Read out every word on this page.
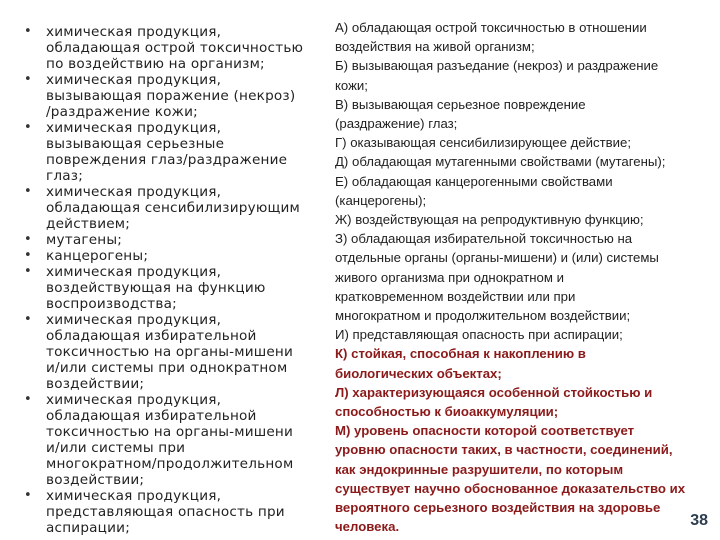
•	химическая продукция,
обладающая острой токсичностью
по воздействию на организм;
•	химическая продукция,
вызывающая поражение (некроз)
/раздражение кожи;
•	химическая продукция,
вызывающая серьезные
повреждения глаз/раздражение
глаз;
•	химическая продукция,
обладающая сенсибилизирующим
действием;
•	мутагены;
•	канцерогены;
•	химическая продукция,
воздействующая на функцию
воспроизводства;
•	химическая продукция,
обладающая избирательной
токсичностью на органы-мишени
и/или системы при однократном
воздействии;
•	химическая продукция,
обладающая избирательной
токсичностью на органы-мишени
и/или системы при
многократном/продолжительном
воздействии;
•	химическая продукция,
представляющая опасность при
аспирации;
А) обладающая острой токсичностью в отношении
воздействия на живой организм;
Б) вызывающая разъедание (некроз) и раздражение
кожи;
В) вызывающая серьезное повреждение
(раздражение) глаз;
Г) оказывающая сенсибилизирующее действие;
Д) обладающая мутагенными свойствами (мутагены);
Е) обладающая канцерогенными свойствами
(канцерогены);
Ж) воздействующая на репродуктивную функцию;
З) обладающая избирательной токсичностью на
отдельные органы (органы-мишени) и (или) системы
живого организма при однократном и
кратковременном воздействии или при
многократном и продолжительном воздействии;
И) представляющая опасность при аспирации;
К) стойкая, способная к накоплению в
биологических объектах;
Л) характеризующаяся особенной стойкостью и
способностью к биоаккумуляции;
М) уровень опасности которой соответствует
уровню опасности таких, в частности, соединений,
как эндокринные разрушители, по которым
существует научно обоснованное доказательство их
вероятного серьезного воздействия на здоровье
человека.	38
